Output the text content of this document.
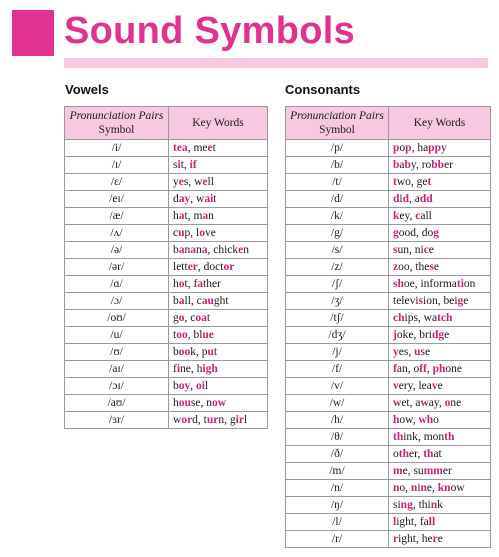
Sound Symbols
Vowels	Consonants
Pronunciation Pairs
Symbol	Key Words
/i/	tea, meet
/ɪ/	sit, if
/ɛ/	yes, well
/eɪ/	day, wait
/æ/	hat, man
/ʌ/	cup, love
/ə/	banana, chicken
/ər/	letter, doctor
/ɑ/	hot, father
/ɔ/	ball, caught
/oʊ/	go, coat
/u/	too, blue
/ʊ/	book, put
/aɪ/	fine, high
/ɔɪ/	boy, oil
/aʊ/	house, now
/ɜr/	word, turn, girl
Pronunciation Pairs
Symbol	Key Words
/p/	pop, happy
/b/	baby, robber
/t/	two, get
/d/	did, add
/k/	key, call
/g/	good, dog
/s/	sun, nice
/z/	zoo, these
/ʃ/	shoe, information
/ʒ/	television, beige
/tʃ/	chips, watch
/dʒ/	joke, bridge
/j/	yes, use
/f/	fan, off, phone
/v/	very, leave
/w/	wet, away, one
/h/	how, who
/θ/	think, month
/ð/	other, that
/m/	me, summer
/n/	no, nine, know
/ŋ/	sing, think
/l/	light, fall
/r/	right, here
